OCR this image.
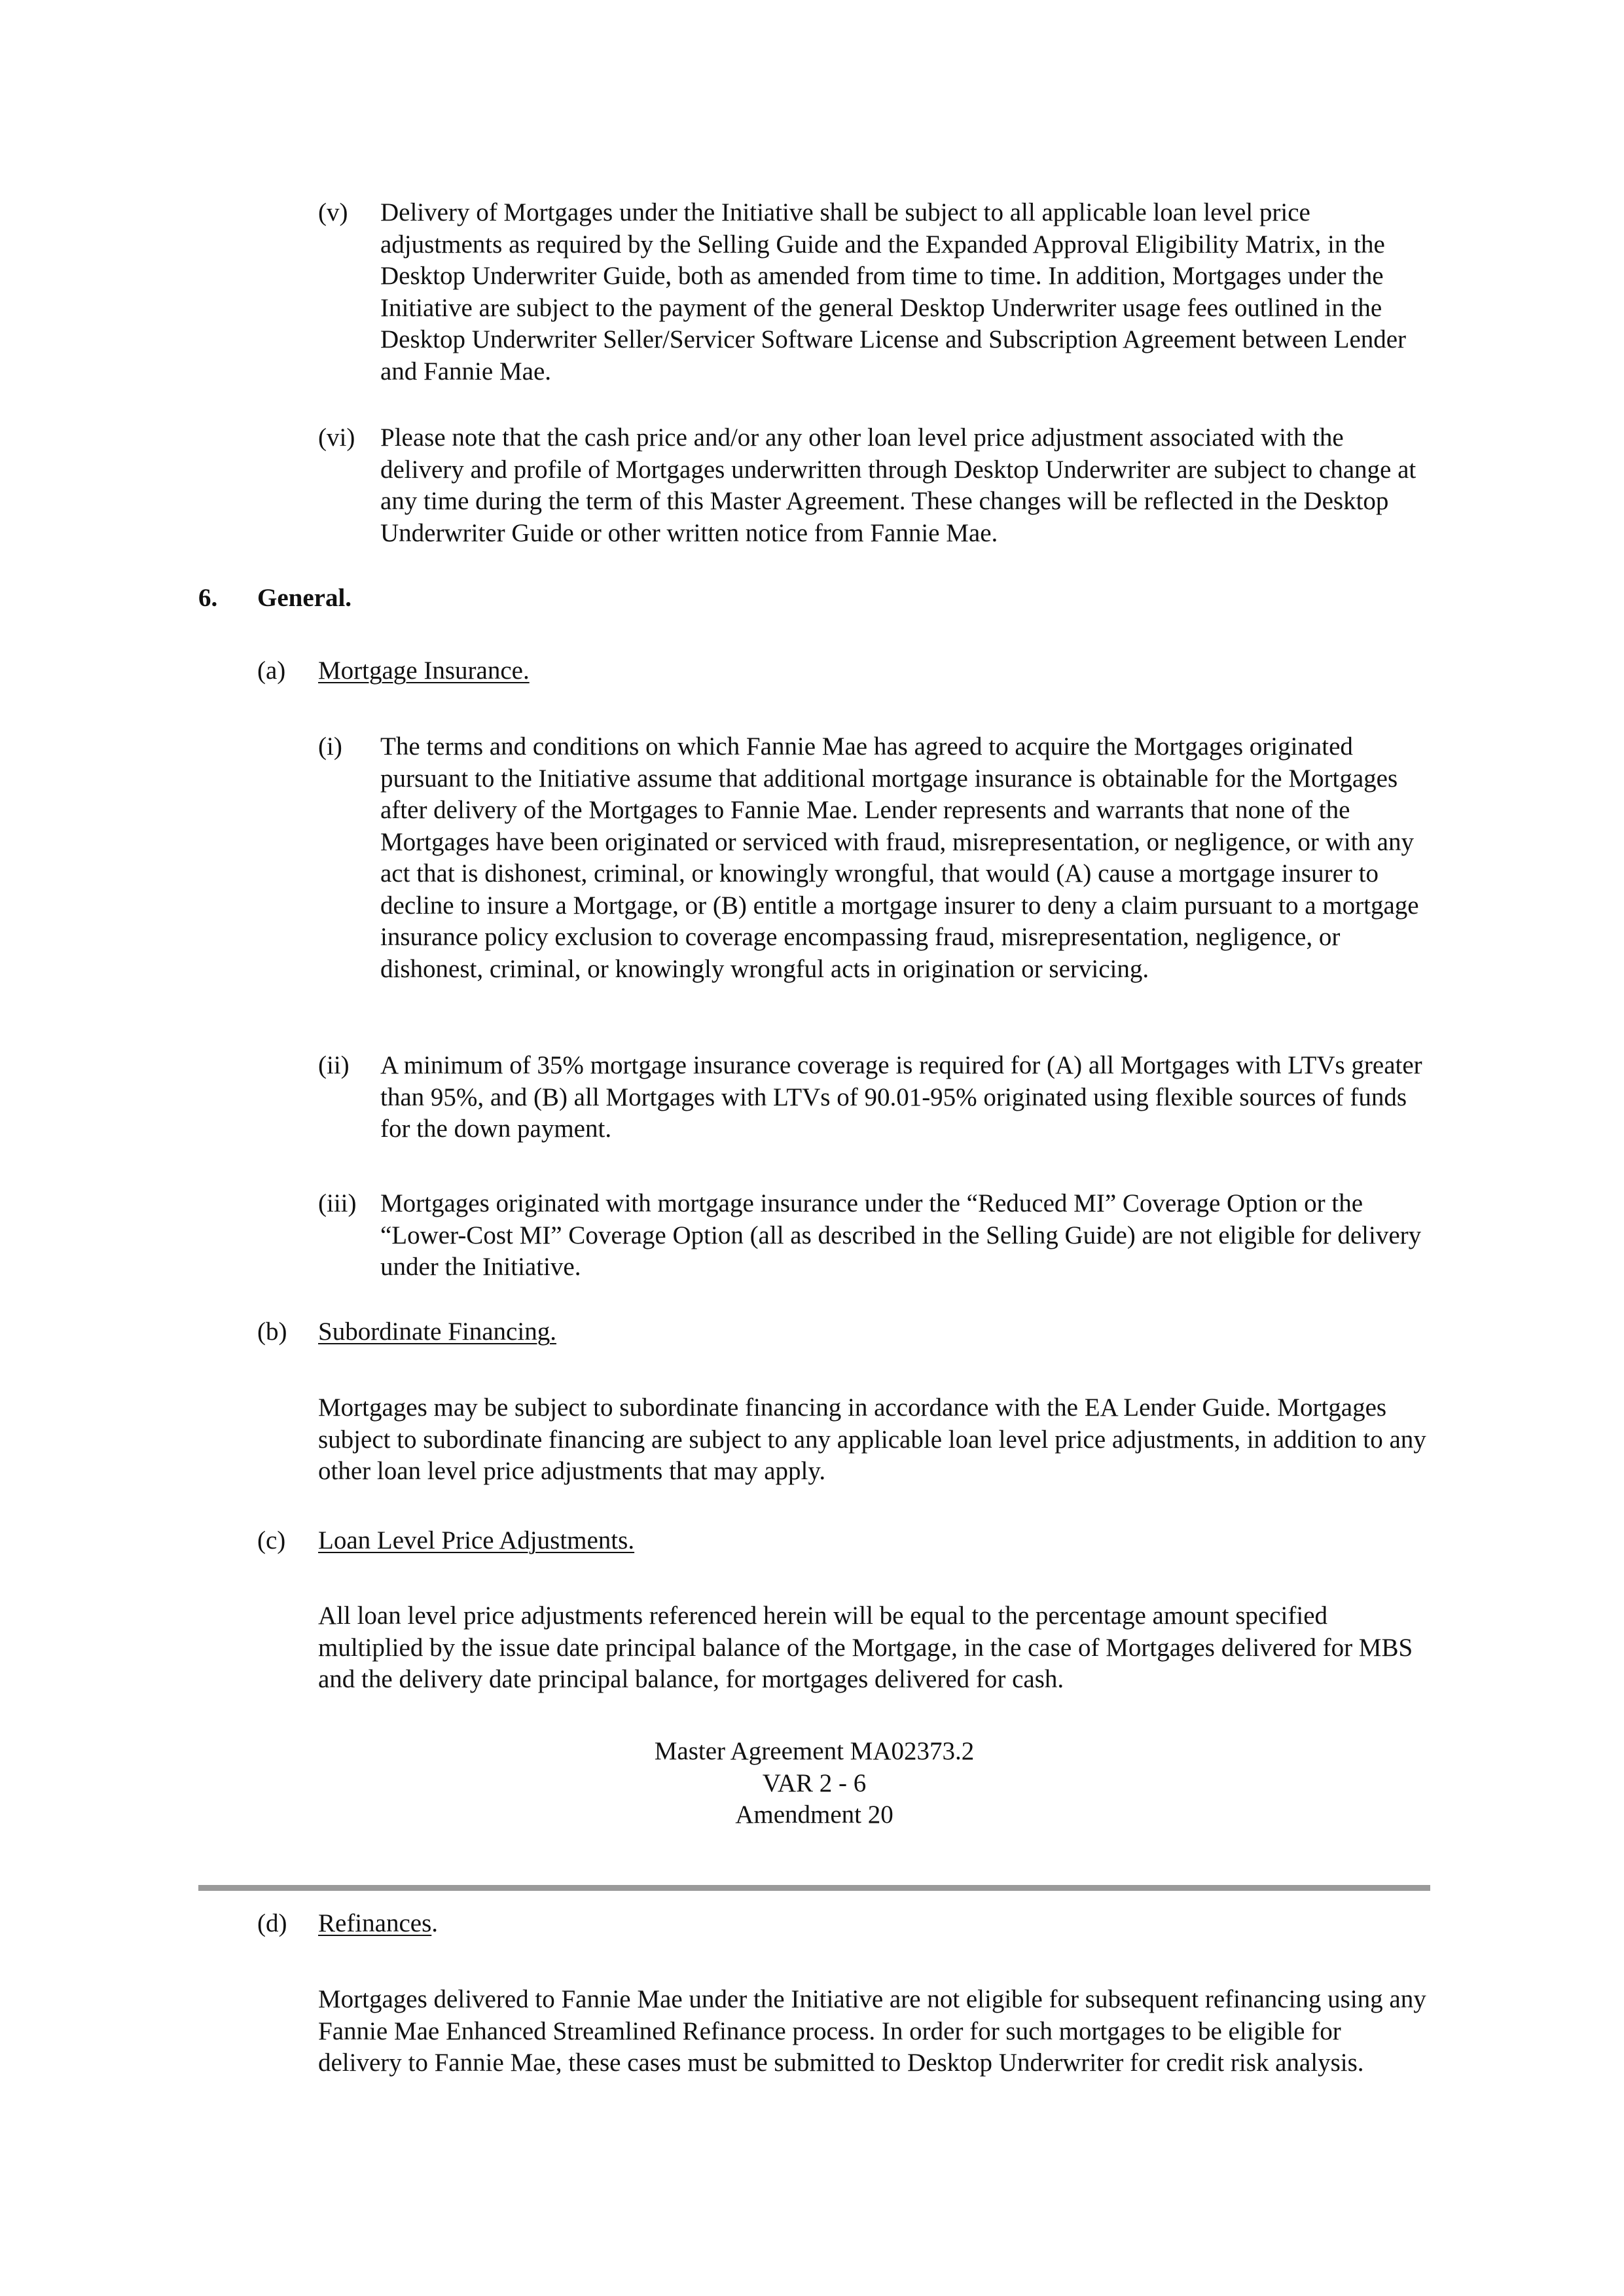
(v) Delivery of Mortgages under the Initiative shall be subject to all applicable loan level price adjustments as required by the Selling Guide and the Expanded Approval Eligibility Matrix, in the Desktop Underwriter Guide, both as amended from time to time. In addition, Mortgages under the Initiative are subject to the payment of the general Desktop Underwriter usage fees outlined in the Desktop Underwriter Seller/Servicer Software License and Subscription Agreement between Lender and Fannie Mae.

(vi) Please note that the cash price and/or any other loan level price adjustment associated with the delivery and profile of Mortgages underwritten through Desktop Underwriter are subject to change at any time during the term of this Master Agreement. These changes will be reflected in the Desktop Underwriter Guide or other written notice from Fannie Mae.

6. General.
(a) Mortgage Insurance.
(i) The terms and conditions on which Fannie Mae has agreed to acquire the Mortgages originated pursuant to the Initiative assume that additional mortgage insurance is obtainable for the Mortgages after delivery of the Mortgages to Fannie Mae. Lender represents and warrants that none of the Mortgages have been originated or serviced with fraud, misrepresentation, or negligence, or with any act that is dishonest, criminal, or knowingly wrongful, that would (A) cause a mortgage insurer to decline to insure a Mortgage, or (B) entitle a mortgage insurer to deny a claim pursuant to a mortgage insurance policy exclusion to coverage encompassing fraud, misrepresentation, negligence, or dishonest, criminal, or knowingly wrongful acts in origination or servicing.

(ii) A minimum of 35% mortgage insurance coverage is required for (A) all Mortgages with LTVs greater than 95%, and (B) all Mortgages with LTVs of 90.01-95% originated using flexible sources of funds for the down payment.

(iii) Mortgages originated with mortgage insurance under the “Reduced MI” Coverage Option or the “Lower-Cost MI” Coverage Option (all as described in the Selling Guide) are not eligible for delivery under the Initiative.

(b) Subordinate Financing.

Mortgages may be subject to subordinate financing in accordance with the EA Lender Guide. Mortgages subject to subordinate financing are subject to any applicable loan level price adjustments, in addition to any other loan level price adjustments that may apply.

(c) Loan Level Price Adjustments.

All loan level price adjustments referenced herein will be equal to the percentage amount specified multiplied by the issue date principal balance of the Mortgage, in the case of Mortgages delivered for MBS and the delivery date principal balance, for mortgages delivered for cash.

Master Agreement MA02373.2
VAR 2 - 6
Amendment 20
(d) Refinances.

Mortgages delivered to Fannie Mae under the Initiative are not eligible for subsequent refinancing using any Fannie Mae Enhanced Streamlined Refinance process. In order for such mortgages to be eligible for delivery to Fannie Mae, these cases must be submitted to Desktop Underwriter for credit risk analysis.
